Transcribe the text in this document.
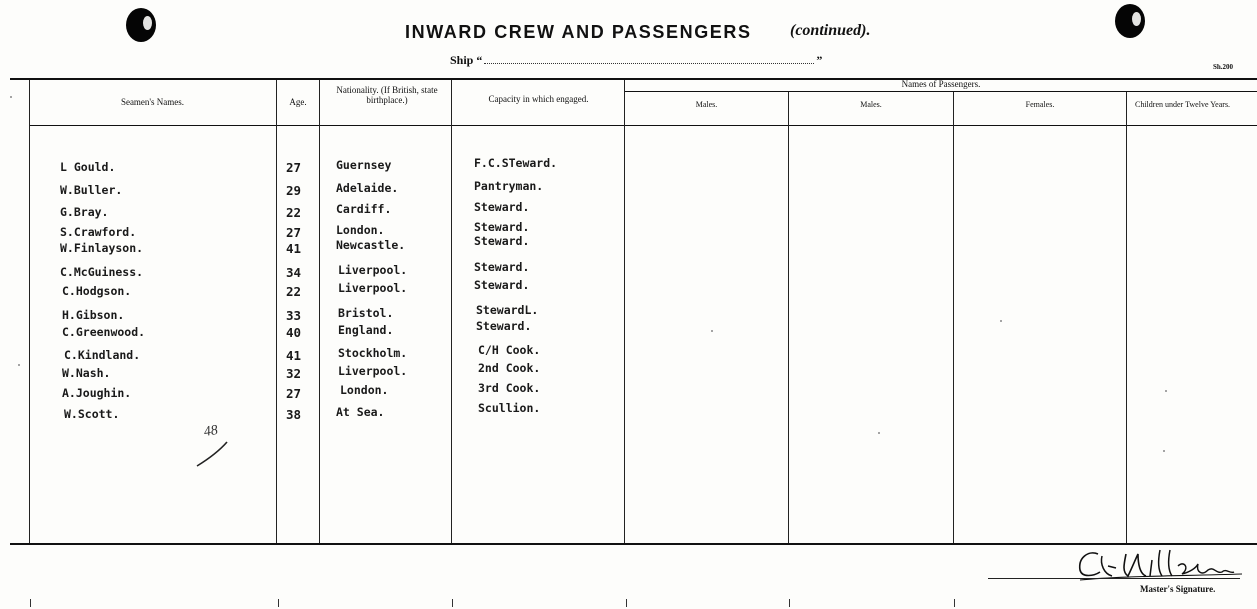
INWARD CREW AND PASSENGERS (continued).
Ship “	”	Sh.200
Seamen's Names.	Age.
Nationality. (If British, state birthplace.)	Capacity in which engaged.
Names of Passengers.
Males.	Males.	Females.	Children under Twelve Years.
L Gould.	27	Guernsey	F.C.STeward.
W.Buller.	29	Adelaide.	Pantryman.
G.Bray.	22	Cardiff.	Steward.
S.Crawford.	27	London.	Steward.
W.Finlayson.	41	Newcastle.	Steward.
C.McGuiness.	34	Liverpool.	Steward.
C.Hodgson.	22	Liverpool.	Steward.
H.Gibson.	33	Bristol.	StewardL.
C.Greenwood.	40	England.	Steward.
C.Kindland.	41	Stockholm.	C/H Cook.
W.Nash.	32	Liverpool.	2nd Cook.
A.Joughin.	27	London.	3rd Cook.
W.Scott.	38	At Sea.	Scullion.
48
Master's Signature.
